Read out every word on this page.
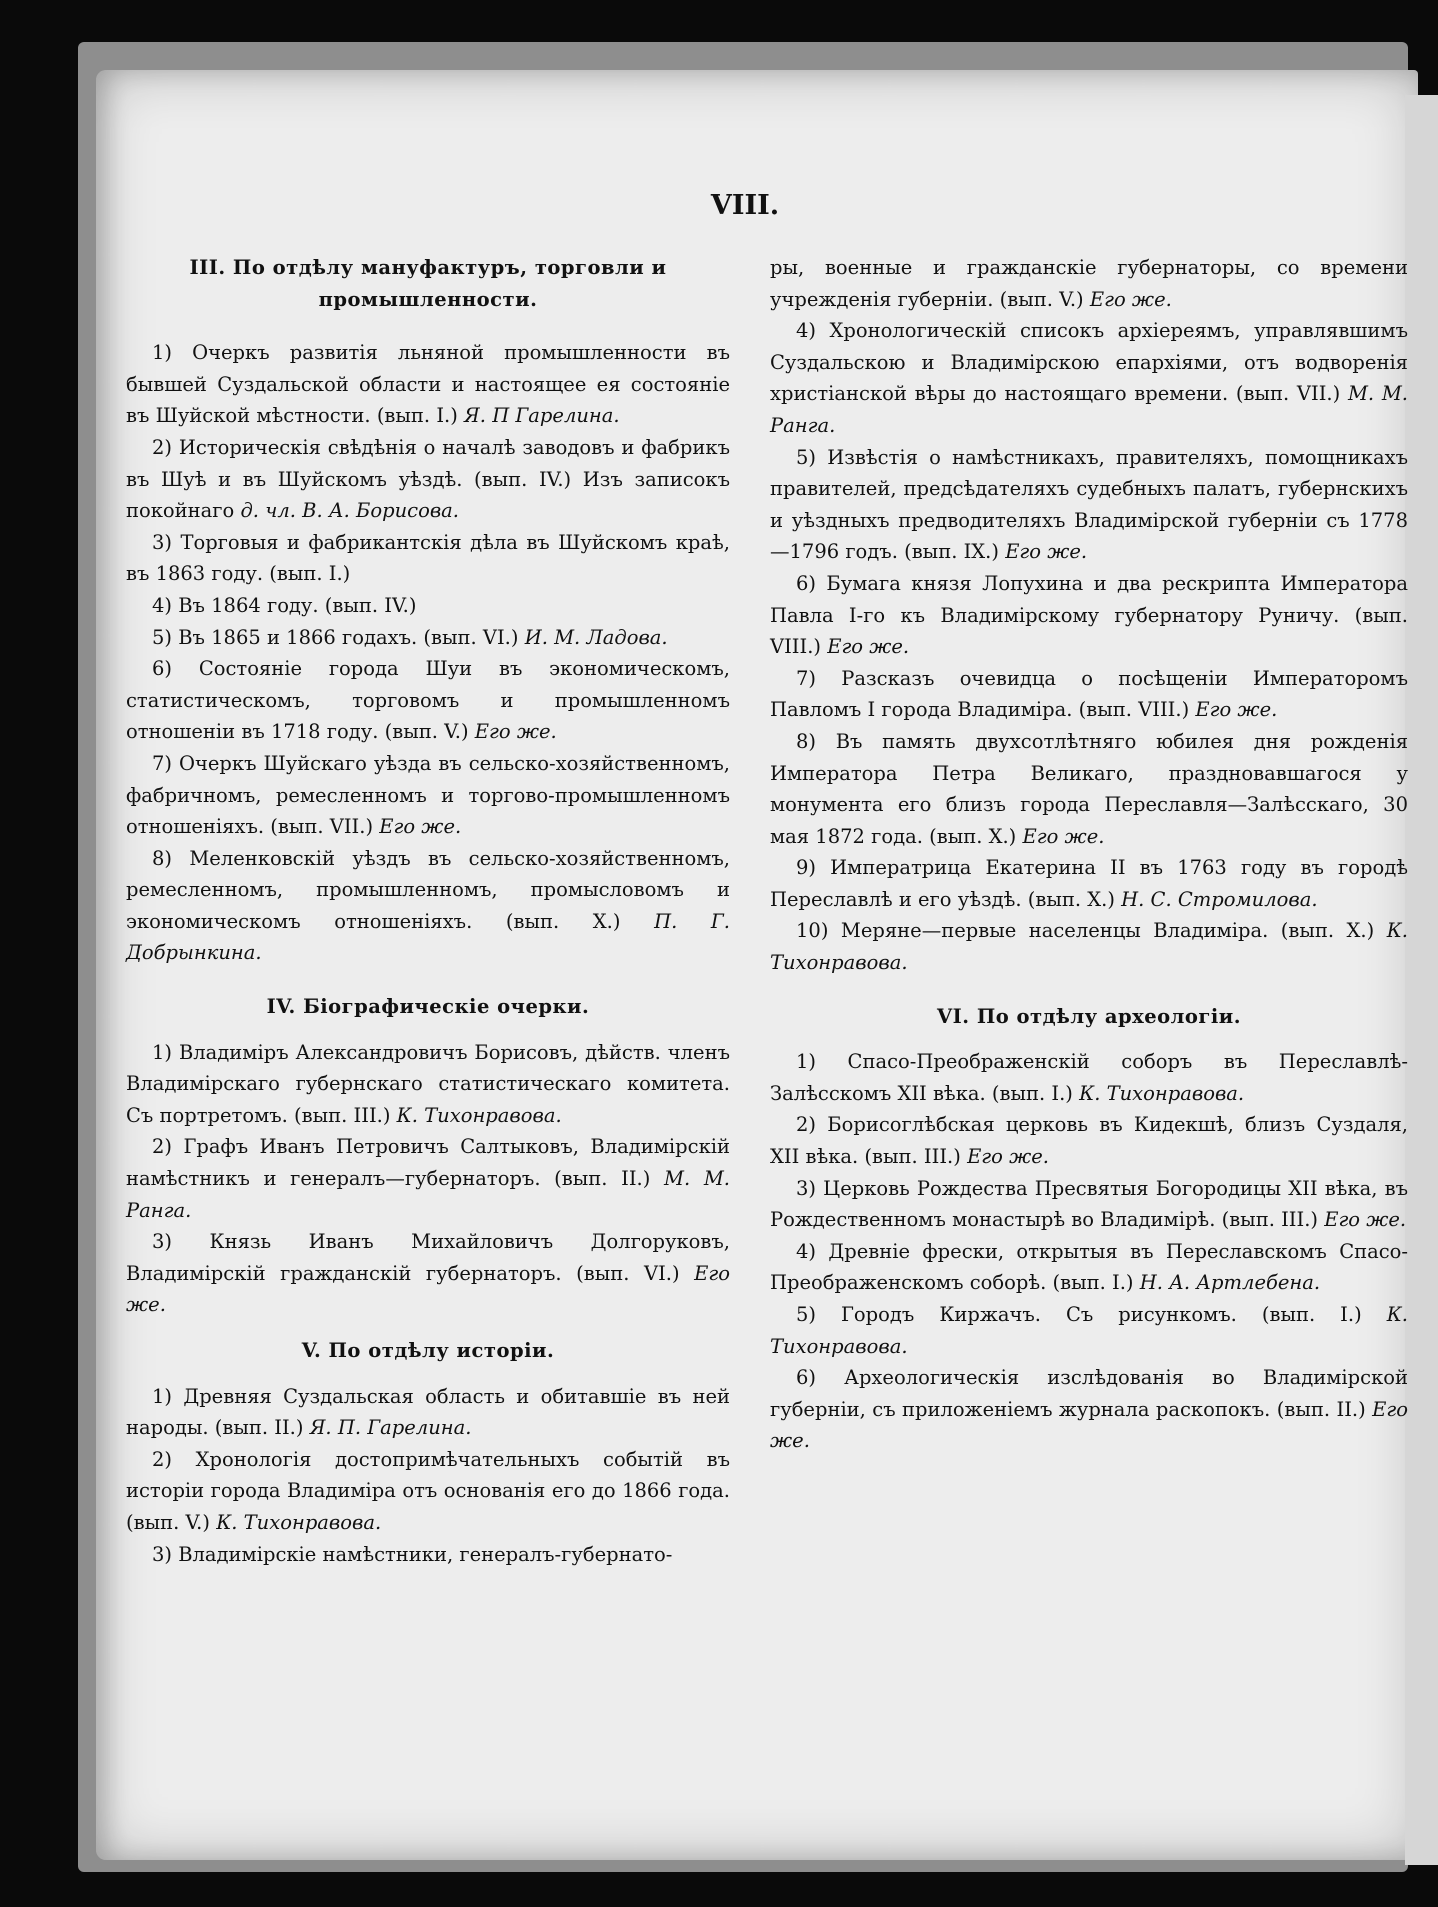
VIII.

III. По отдѣлу мануфактуръ, торговли и промышленности.

1) Очеркъ развитія льняной промышленности въ бывшей Суздальской области и настоящее ея состояніе въ Шуйской мѣстности. (вып. I.) Я. П Гарелина.

2) Историческія свѣдѣнія о началѣ заводовъ и фабрикъ въ Шуѣ и въ Шуйскомъ уѣздѣ. (вып. IV.) Изъ записокъ покойнаго д. чл. В. А. Борисова.

3) Торговыя и фабрикантскія дѣла въ Шуйскомъ краѣ, въ 1863 году. (вып. I.)

4) Въ 1864 году. (вып. IV.)

5) Въ 1865 и 1866 годахъ. (вып. VI.) И. М. Ладова.

6) Состояніе города Шуи въ экономическомъ, статистическомъ, торговомъ и промышленномъ отношеніи въ 1718 году. (вып. V.) Его же.

7) Очеркъ Шуйскаго уѣзда въ сельско-хозяйственномъ, фабричномъ, ремесленномъ и торгово-промышленномъ отношеніяхъ. (вып. VII.) Его же.

8) Меленковскій уѣздъ въ сельско-хозяйственномъ, ремесленномъ, промышленномъ, промысловомъ и экономическомъ отношеніяхъ. (вып. X.) П. Г. Добрынкина.

IV. Біографическіе очерки.

1) Владиміръ Александровичъ Борисовъ, дѣйств. членъ Владимірскаго губернскаго статистическаго комитета. Съ портретомъ. (вып. III.) К. Тихонравова.

2) Графъ Иванъ Петровичъ Салтыковъ, Владимірскій намѣстникъ и генералъ—губернаторъ. (вып. II.) М. М. Ранга.

3) Князь Иванъ Михайловичъ Долгоруковъ, Владимірскій гражданскій губернаторъ. (вып. VI.) Его же.

V. По отдѣлу исторіи.

1) Древняя Суздальская область и обитавшіе въ ней народы. (вып. II.) Я. П. Гарелина.

2) Хронологія достопримѣчательныхъ событій въ исторіи города Владиміра отъ основанія его до 1866 года. (вып. V.) К. Тихонравова.

3) Владимірскіе намѣстники, генералъ-губернато-

ры, военные и гражданскіе губернаторы, со времени учрежденія губерніи. (вып. V.) Его же.

4) Хронологическій списокъ архіереямъ, управлявшимъ Суздальскою и Владимірскою епархіями, отъ водворенія христіанской вѣры до настоящаго времени. (вып. VII.) М. М. Ранга.

5) Извѣстія о намѣстникахъ, правителяхъ, помощникахъ правителей, предсѣдателяхъ судебныхъ палатъ, губернскихъ и уѣздныхъ предводителяхъ Владимірской губерніи съ 1778—1796 годъ. (вып. IX.) Его же.

6) Бумага князя Лопухина и два рескрипта Императора Павла I-го къ Владимірскому губернатору Руничу. (вып. VIII.) Его же.

7) Разсказъ очевидца о посѣщеніи Императоромъ Павломъ I города Владиміра. (вып. VIII.) Его же.

8) Въ память двухсотлѣтняго юбилея дня рожденія Императора Петра Великаго, праздновавшагося у монумента его близъ города Переславля—Залѣсскаго, 30 мая 1872 года. (вып. X.) Его же.

9) Императрица Екатерина II въ 1763 году въ городѣ Переславлѣ и его уѣздѣ. (вып. X.) Н. С. Стромилова.

10) Меряне—первые населенцы Владиміра. (вып. X.) К. Тихонравова.

VI. По отдѣлу археологіи.

1) Спасо-Преображенскій соборъ въ Переславлѣ-Залѣсскомъ XII вѣка. (вып. I.) К. Тихонравова.

2) Борисоглѣбская церковь въ Кидекшѣ, близъ Суздаля, XII вѣка. (вып. III.) Его же.

3) Церковь Рождества Пресвятыя Богородицы XII вѣка, въ Рождественномъ монастырѣ во Владимірѣ. (вып. III.) Его же.

4) Древніе фрески, открытыя въ Переславскомъ Спасо-Преображенскомъ соборѣ. (вып. I.) Н. А. Артлебена.

5) Городъ Киржачъ. Съ рисункомъ. (вып. I.) К. Тихонравова.

6) Археологическія изслѣдованія во Владимірской губерніи, съ приложеніемъ журнала раскопокъ. (вып. II.) Его же.
